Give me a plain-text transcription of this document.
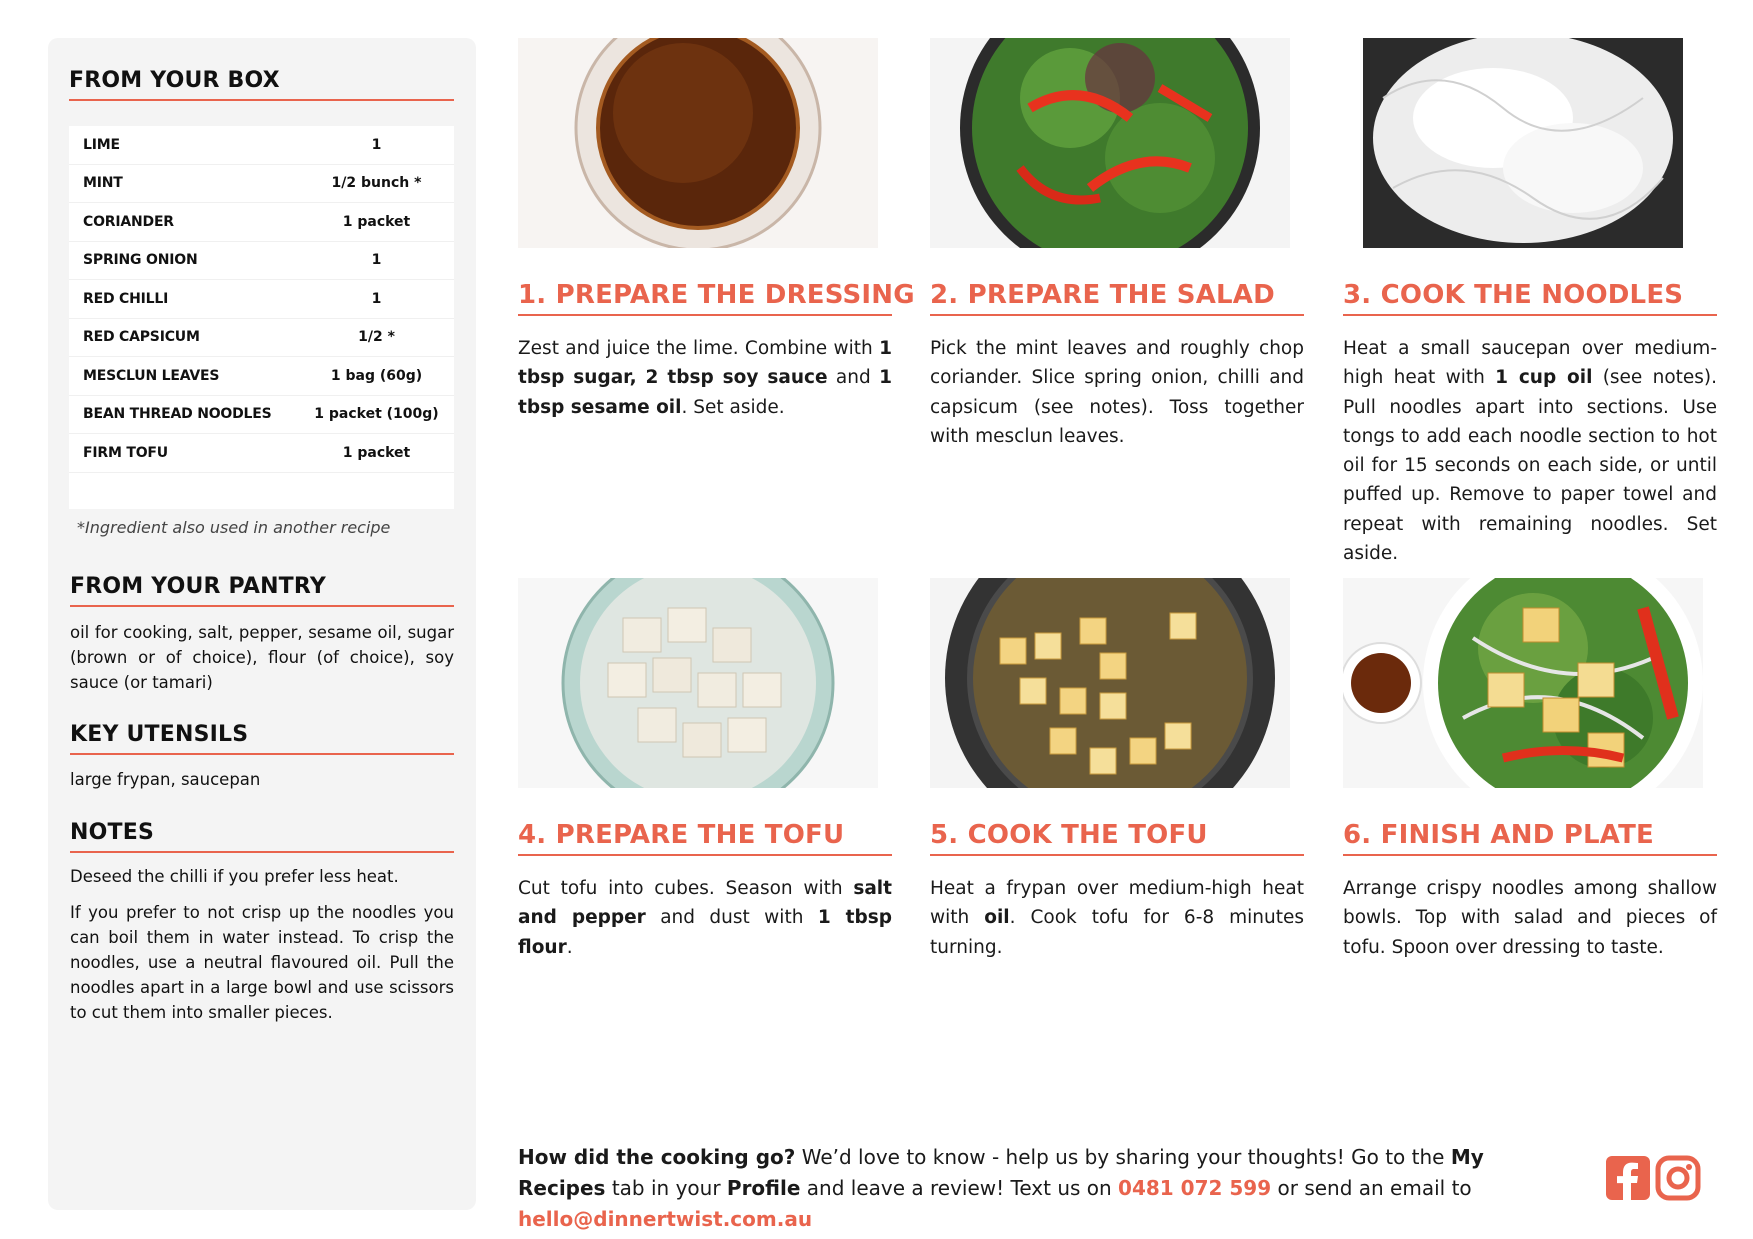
FROM YOUR BOX
LIME	1
MINT	1/2 bunch *
CORIANDER	1 packet
SPRING ONION	1
RED CHILLI	1
RED CAPSICUM	1/2 *
MESCLUN LEAVES	1 bag (60g)
BEAN THREAD NOODLES	1 packet (100g)
FIRM TOFU	1 packet
*Ingredient also used in another recipe
FROM YOUR PANTRY
oil for cooking, salt, pepper, sesame oil, sugar (brown or of choice), flour (of choice), soy sauce (or tamari)
KEY UTENSILS
large frypan, saucepan
NOTES
Deseed the chilli if you prefer less heat.
If you prefer to not crisp up the noodles you can boil them in water instead. To crisp the noodles, use a neutral flavoured oil. Pull the noodles apart in a large bowl and use scissors to cut them into smaller pieces.
1. PREPARE THE DRESSING
Zest and juice the lime. Combine with 1 tbsp sugar, 2 tbsp soy sauce and 1 tbsp sesame oil. Set aside.
2. PREPARE THE SALAD
Pick the mint leaves and roughly chop coriander. Slice spring onion, chilli and capsicum (see notes). Toss together with mesclun leaves.
3. COOK THE NOODLES
Heat a small saucepan over medium-high heat with 1 cup oil (see notes). Pull noodles apart into sections. Use tongs to add each noodle section to hot oil for 15 seconds on each side, or until puffed up. Remove to paper towel and repeat with remaining noodles. Set aside.
4. PREPARE THE TOFU
Cut tofu into cubes. Season with salt and pepper and dust with 1 tbsp flour.
5. COOK THE TOFU
Heat a frypan over medium-high heat with oil. Cook tofu for 6-8 minutes turning.
6. FINISH AND PLATE
Arrange crispy noodles among shallow bowls. Top with salad and pieces of tofu. Spoon over dressing to taste.
How did the cooking go? We’d love to know - help us by sharing your thoughts! Go to the My Recipes tab in your Profile and leave a review! Text us on 0481 072 599 or send an email to hello@dinnertwist.com.au
